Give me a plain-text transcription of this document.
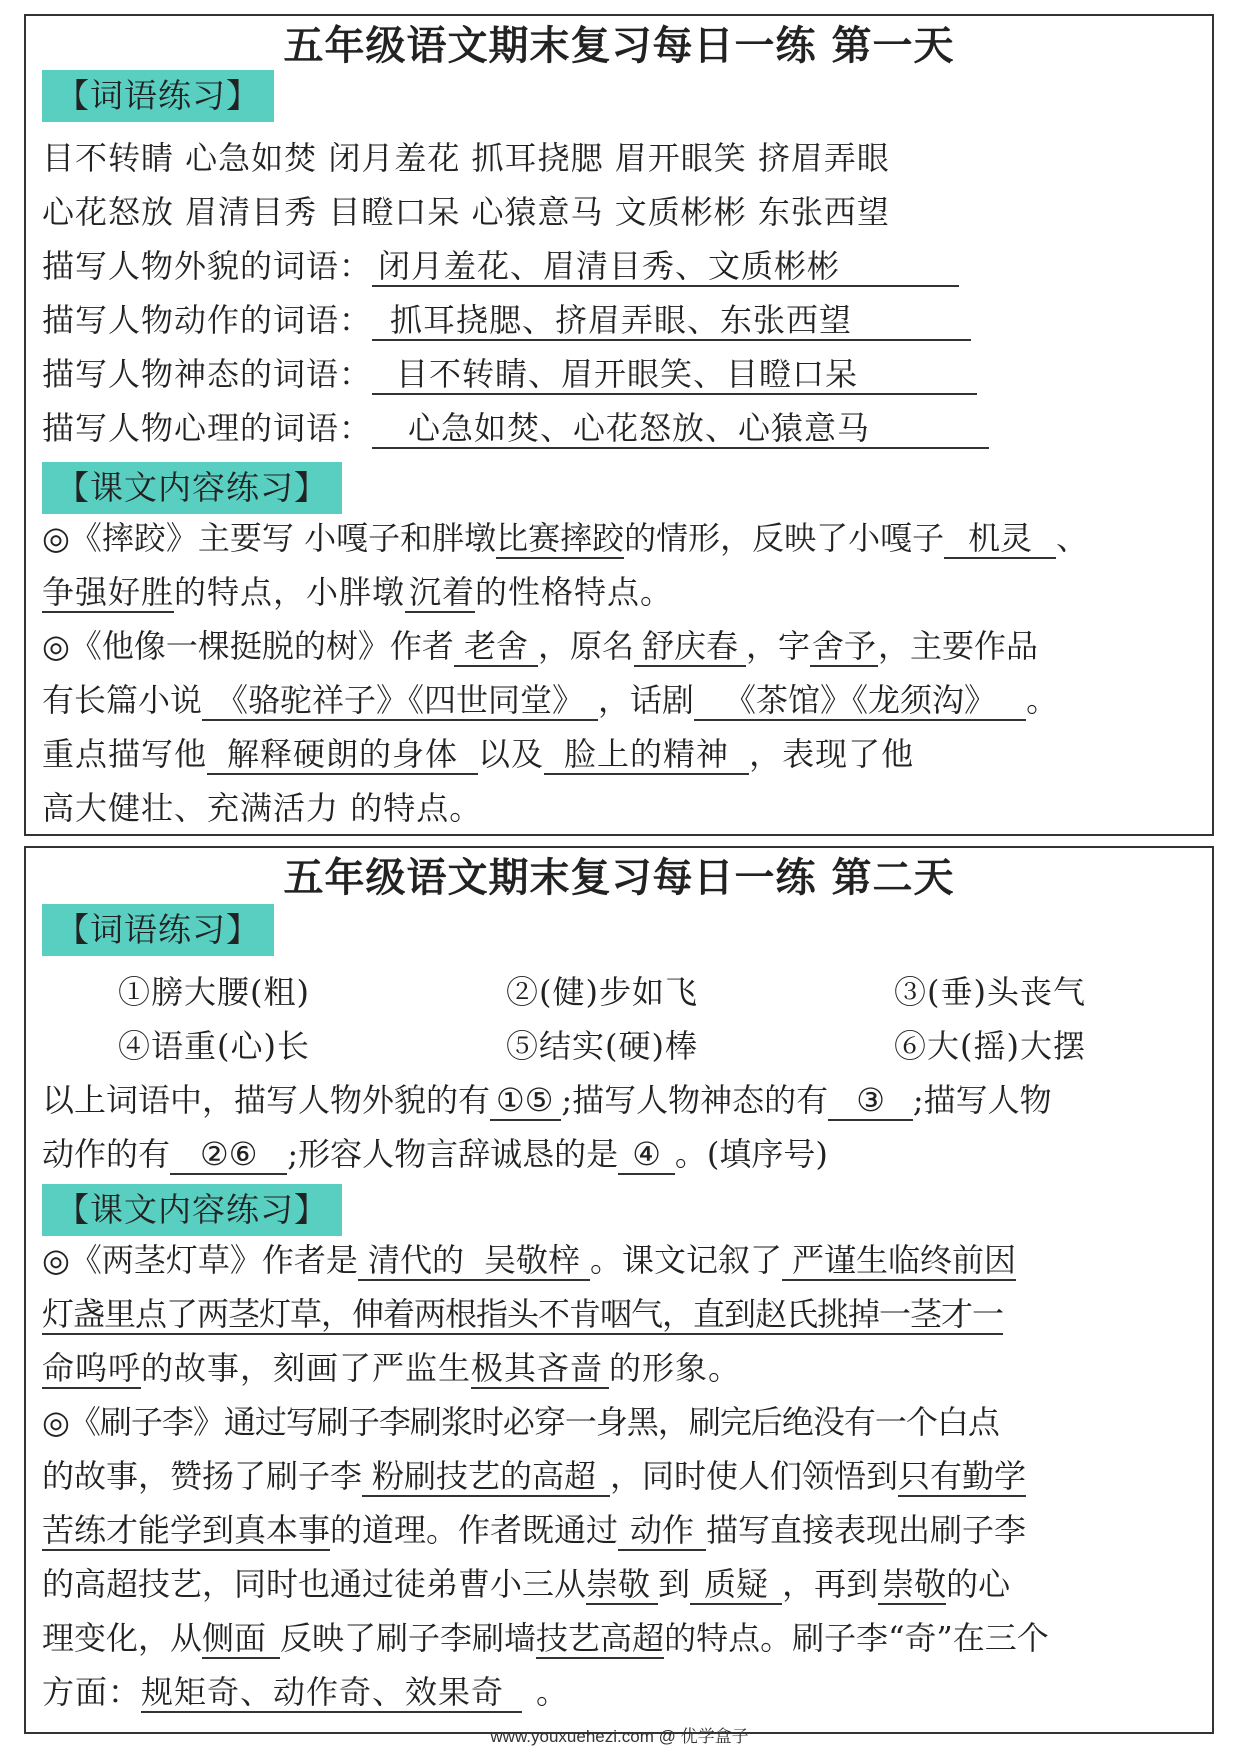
五年级语文期末复习每日一练 第一天
【词语练习】
目不转睛 心急如焚 闭月羞花 抓耳挠腮 眉开眼笑 挤眉弄眼
心花怒放 眉清目秀 目瞪口呆 心猿意马 文质彬彬 东张西望
描写人物外貌的词语： 闭月羞花、眉清目秀、文质彬彬
描写人物动作的词语： 抓耳挠腮、挤眉弄眼、东张西望
描写人物神态的词语： 目不转睛、眉开眼笑、目瞪口呆
描写人物心理的词语： 心急如焚、心花怒放、心猿意马
【课文内容练习】
◎《摔跤》主要写 小嘎子和胖墩比赛摔跤的情形，反映了小嘎子 机灵 、
争强好胜的特点，小胖墩 沉着的性格特点。
◎《他像一棵挺脱的树》作者 老舍 ，原名 舒庆春 ，字舍予，主要作品
有长篇小说 《骆驼祥子》《四世同堂》 ，话剧 《茶馆》《龙须沟》 。
重点描写他 解释硬朗的身体 以及 脸上的精神 ，表现了他
高大健壮、充满活力 的特点。
五年级语文期末复习每日一练 第二天
【词语练习】
①膀大腰(粗)	②(健)步如飞	③(垂)头丧气
④语重(心)长	⑤结实(硬)棒	⑥大(摇)大摆
以上词语中，描写人物外貌的有 ①⑤ ;描写人物神态的有 ③ ;描写人物
动作的有 ②⑥ ;形容人物言辞诚恳的是 ④ 。(填序号)
【课文内容练习】
◎《两茎灯草》作者是 清代的 吴敬梓 。课文记叙了 严谨生临终前因
灯盏里点了两茎灯草，伸着两根指头不肯咽气，直到赵氏挑掉一茎才一
命呜呼的故事，刻画了严监生极其吝啬 的形象。
◎《刷子李》通过写刷子李刷浆时必穿一身黑，刷完后绝没有一个白点
的故事，赞扬了刷子李 粉刷技艺的高超 ，同时使人们领悟到只有勤学
苦练才能学到真本事的道理。作者既通过 动作 描写直接表现出刷子李
的高超技艺，同时也通过徒弟曹小三从崇敬 到 质疑 ，再到 崇敬的心
理变化，从侧面 反映了刷子李刷墙技艺高超的特点。刷子李“奇”在三个
方面：规矩奇、动作奇、效果奇 。
www.youxuehezi.com @ 优学盒子
